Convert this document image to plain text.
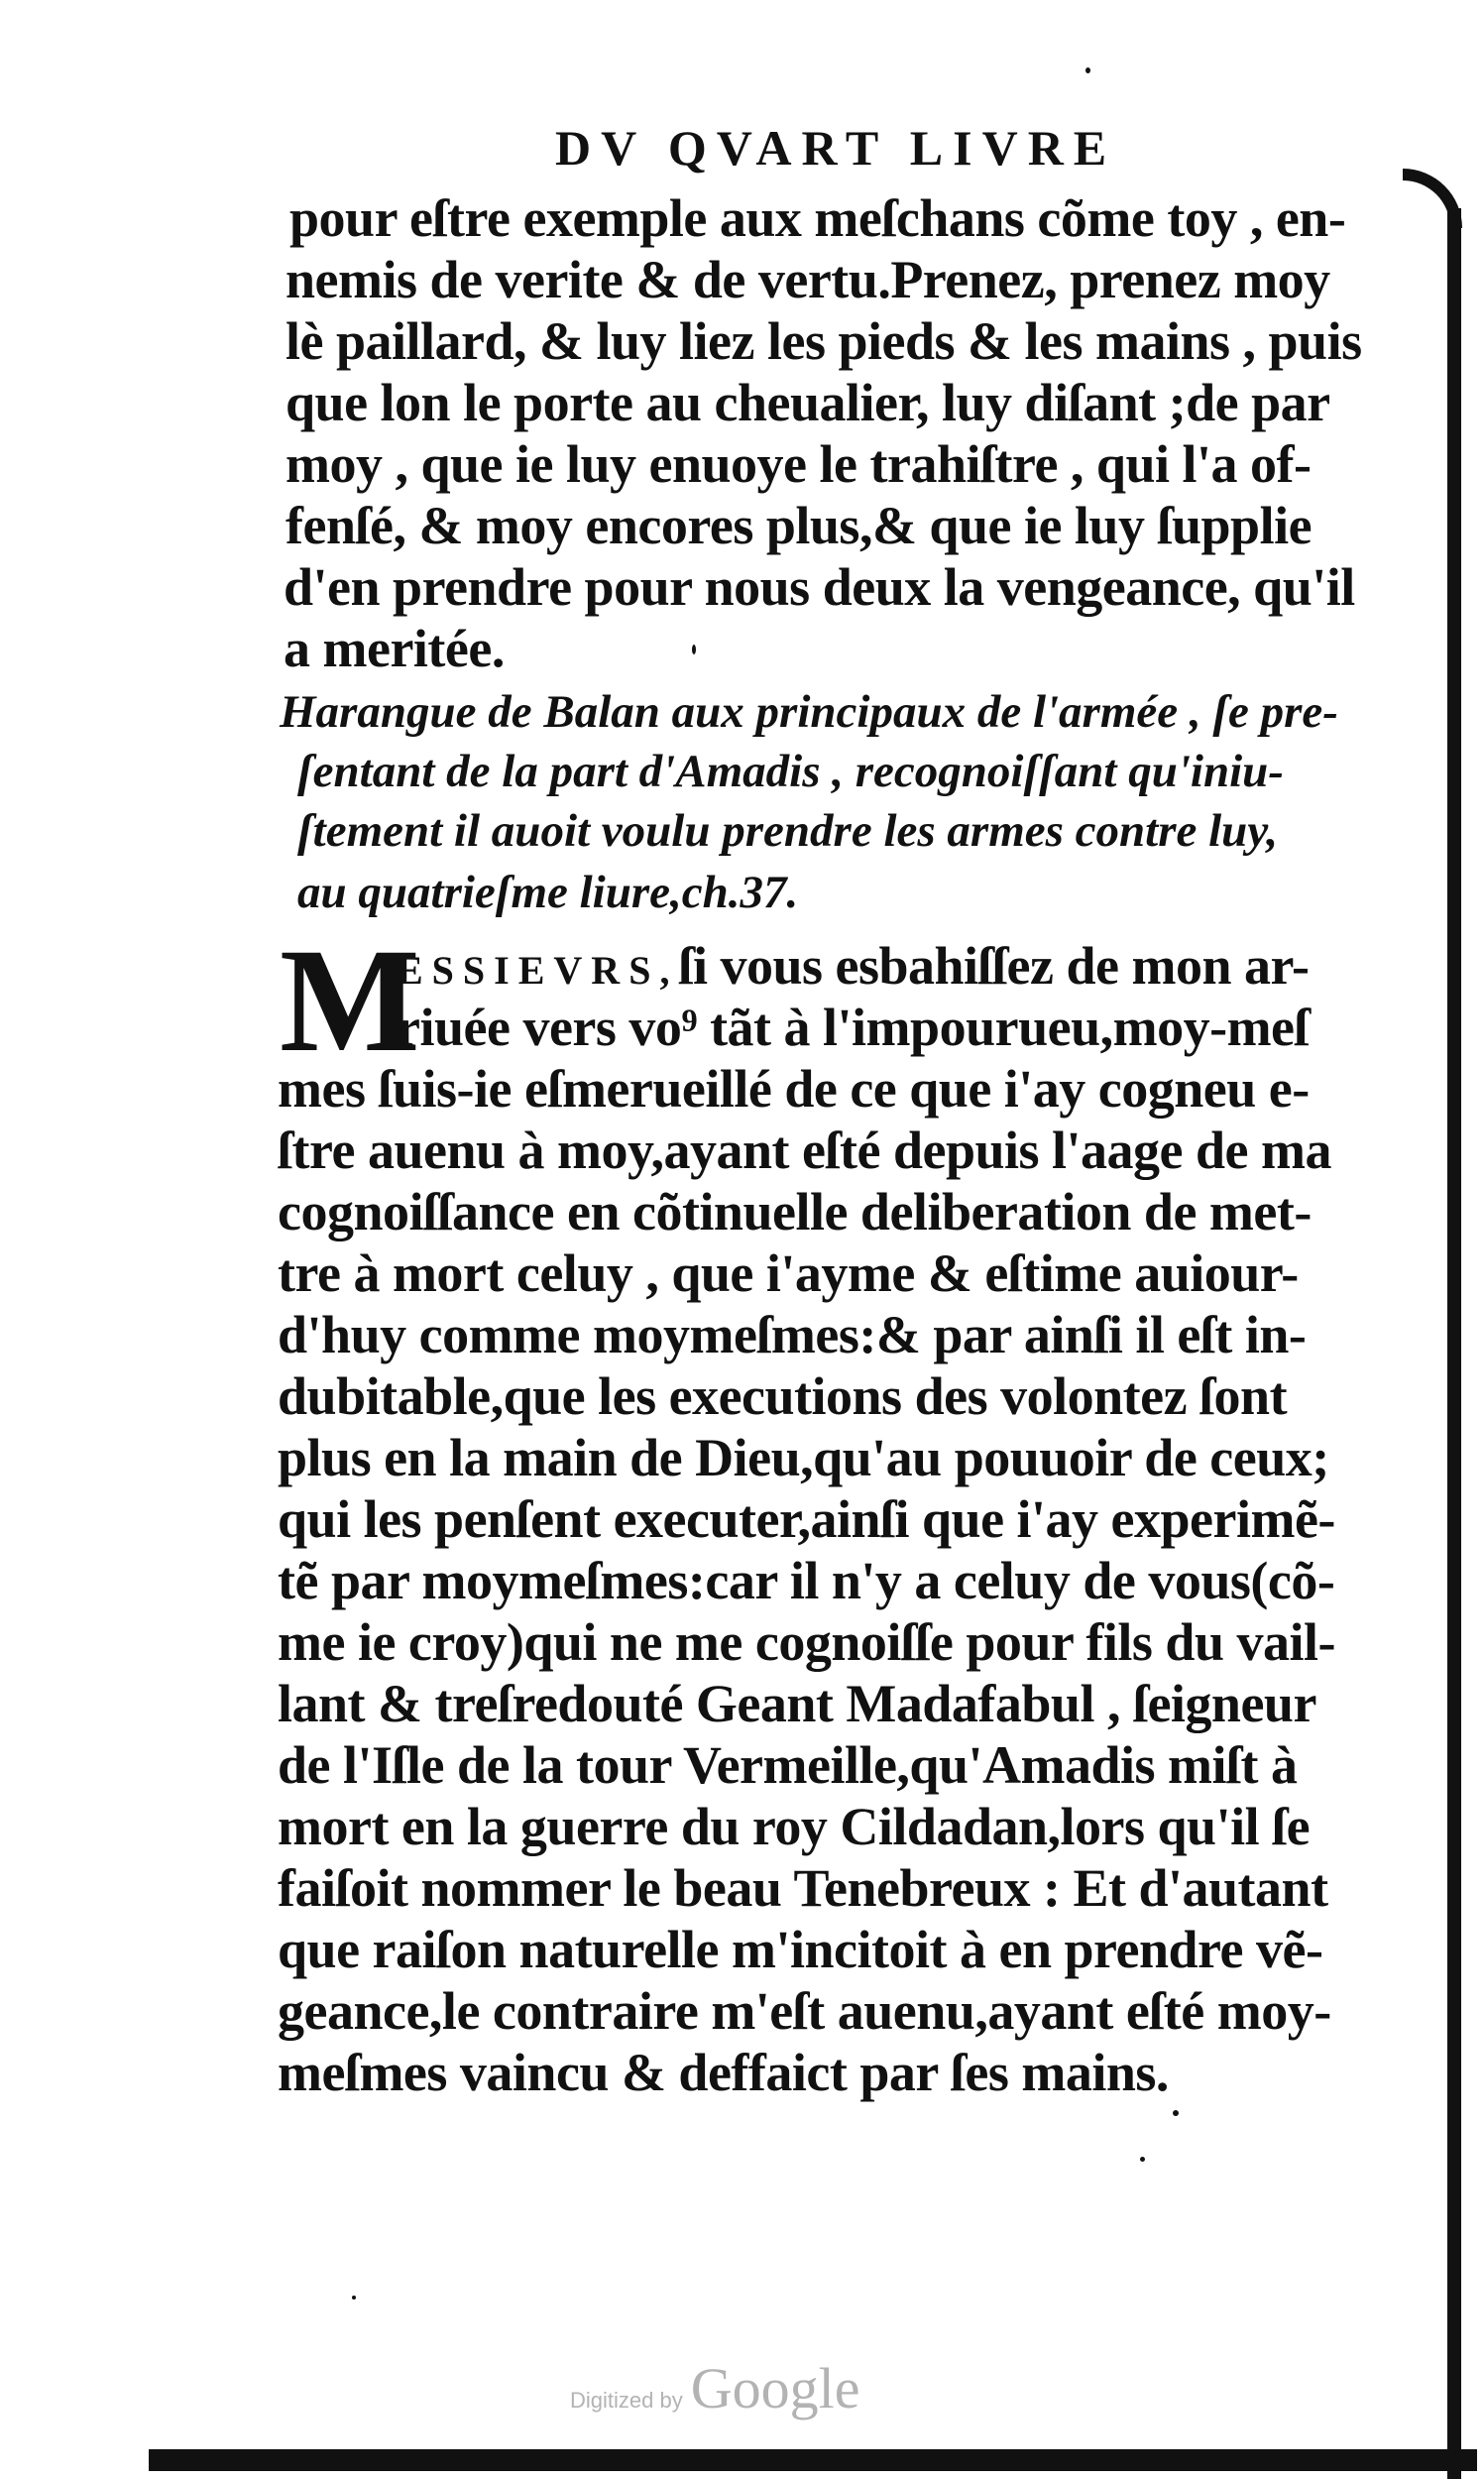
DV QVART LIVRE
pour eſtre exemple aux meſchans cõme toy , en-
nemis de verite & de vertu.Prenez, prenez moy
lè paillard, & luy liez les pieds & les mains , puis
que lon le porte au cheualier, luy diſant ;de par
moy , que ie luy enuoye le trahiſtre , qui l'a of-
fenſé, & moy encores plus,& que ie luy ſupplie
d'en prendre pour nous deux la vengeance, qu'il
a meritée.
Harangue de Balan aux principaux de l'armée , ſe pre-
ſentant de la part d'Amadis , recognoiſſant qu'iniu-
ſtement il auoit voulu prendre les armes contre luy,
au quatrieſme liure,ch.37.
M
ESSIEVRS,ſi vous esbahiſſez de mon ar-
riuée vers vo⁹ tãt à l'impourueu,moy-meſ
mes ſuis-ie eſmerueillé de ce que i'ay cogneu e-
ſtre auenu à moy,ayant eſté depuis l'aage de ma
cognoiſſance en cõtinuelle deliberation de met-
tre à mort celuy , que i'ayme & eſtime auiour-
d'huy comme moymeſmes:& par ainſi il eſt in-
dubitable,que les executions des volontez ſont
plus en la main de Dieu,qu'au pouuoir de ceux;
qui les penſent executer,ainſi que i'ay experimẽ-
tẽ par moymeſmes:car il n'y a celuy de vous(cõ-
me ie croy)qui ne me cognoiſſe pour fils du vail-
lant & treſredouté Geant Madafabul , ſeigneur
de l'Iſle de la tour Vermeille,qu'Amadis miſt à
mort en la guerre du roy Cildadan,lors qu'il ſe
faiſoit nommer le beau Tenebreux : Et d'autant
que raiſon naturelle m'incitoit à en prendre vẽ-
geance,le contraire m'eſt auenu,ayant eſté moy-
meſmes vaincu & deffaict par ſes mains.
Digitized by Google
